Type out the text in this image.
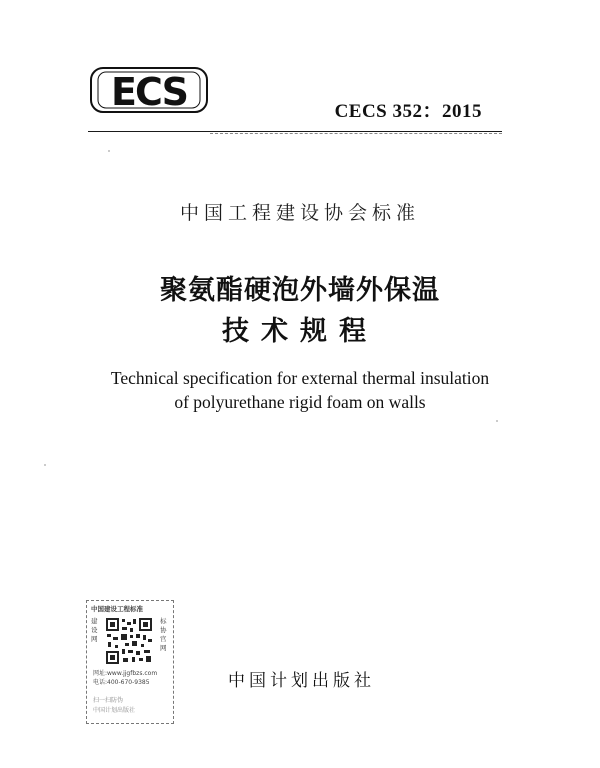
ECS	CECS 352：2015
中国工程建设协会标准
聚氨酯硬泡外墙外保温
技术规程
Technical specification for external thermal insulation
of polyurethane rigid foam on walls
中国建设工程标准
建设网
标协官网
网址:www.jjgfbzs.com
电话:400-670-9385
扫一扫防伪
中国计划出版社
中国计划出版社
